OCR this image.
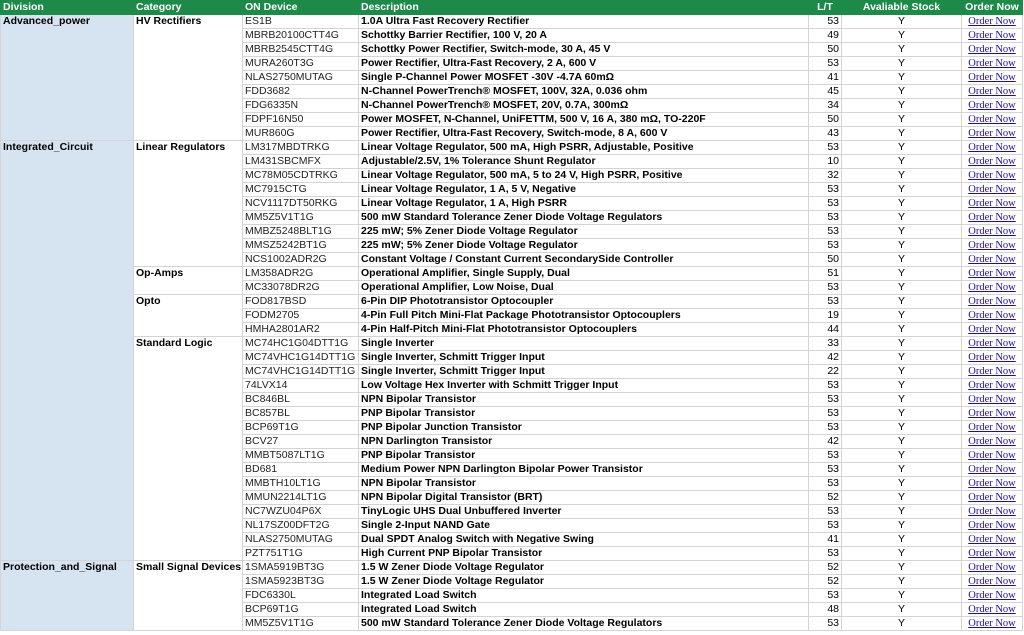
Division	Category	ON Device	Description	L/T	Avaliable Stock	Order Now
Advanced_power	HV Rectifiers	ES1B	1.0A Ultra Fast Recovery Rectifier	53	Y	Order Now
		MBRB20100CTT4G	Schottky Barrier Rectifier, 100 V, 20 A	49	Y	Order Now
		MBRB2545CTT4G	Schottky Power Rectifier, Switch-mode, 30 A, 45 V	50	Y	Order Now
		MURA260T3G	Power Rectifier, Ultra-Fast Recovery, 2 A, 600 V	53	Y	Order Now
		NLAS2750MUTAG	Single P-Channel Power MOSFET -30V -4.7A 60mΩ	41	Y	Order Now
		FDD3682	N-Channel PowerTrench® MOSFET, 100V, 32A, 0.036 ohm	45	Y	Order Now
		FDG6335N	N-Channel PowerTrench® MOSFET, 20V, 0.7A, 300mΩ	34	Y	Order Now
		FDPF16N50	Power MOSFET, N-Channel, UniFETTM, 500 V, 16 A, 380 mΩ, TO-220F	50	Y	Order Now
		MUR860G	Power Rectifier, Ultra-Fast Recovery, Switch-mode, 8 A, 600 V	43	Y	Order Now
Integrated_Circuit	Linear Regulators	LM317MBDTRKG	Linear Voltage Regulator, 500 mA, High PSRR, Adjustable, Positive	53	Y	Order Now
		LM431SBCMFX	Adjustable/2.5V, 1% Tolerance Shunt Regulator	10	Y	Order Now
		MC78M05CDTRKG	Linear Voltage Regulator, 500 mA, 5 to 24 V, High PSRR, Positive	32	Y	Order Now
		MC7915CTG	Linear Voltage Regulator, 1 A, 5 V, Negative	53	Y	Order Now
		NCV1117DT50RKG	Linear Voltage Regulator, 1 A, High PSRR	53	Y	Order Now
		MM5Z5V1T1G	500 mW Standard Tolerance Zener Diode Voltage Regulators	53	Y	Order Now
		MMBZ5248BLT1G	225 mW; 5% Zener Diode Voltage Regulator	53	Y	Order Now
		MMSZ5242BT1G	225 mW; 5% Zener Diode Voltage Regulator	53	Y	Order Now
		NCS1002ADR2G	Constant Voltage / Constant Current SecondarySide Controller	50	Y	Order Now
	Op-Amps	LM358ADR2G	Operational Amplifier, Single Supply, Dual	51	Y	Order Now
		MC33078DR2G	Operational Amplifier, Low Noise, Dual	53	Y	Order Now
	Opto	FOD817BSD	6-Pin DIP Phototransistor Optocoupler	53	Y	Order Now
		FODM2705	4-Pin Full Pitch Mini-Flat Package Phototransistor Optocouplers	19	Y	Order Now
		HMHA2801AR2	4-Pin Half-Pitch Mini-Flat Phototransistor Optocouplers	44	Y	Order Now
	Standard Logic	MC74HC1G04DTT1G	Single Inverter	33	Y	Order Now
		MC74VHC1G14DTT1G	Single Inverter, Schmitt Trigger Input	42	Y	Order Now
		MC74VHC1G14DTT1G	Single Inverter, Schmitt Trigger Input	22	Y	Order Now
		74LVX14	Low Voltage Hex Inverter with Schmitt Trigger Input	53	Y	Order Now
		BC846BL	NPN Bipolar Transistor	53	Y	Order Now
		BC857BL	PNP Bipolar Transistor	53	Y	Order Now
		BCP69T1G	PNP Bipolar Junction Transistor	53	Y	Order Now
		BCV27	NPN Darlington Transistor	42	Y	Order Now
		MMBT5087LT1G	PNP Bipolar Transistor	53	Y	Order Now
		BD681	Medium Power NPN Darlington Bipolar Power Transistor	53	Y	Order Now
		MMBTH10LT1G	NPN Bipolar Transistor	53	Y	Order Now
		MMUN2214LT1G	NPN Bipolar Digital Transistor (BRT)	52	Y	Order Now
		NC7WZU04P6X	TinyLogic UHS Dual Unbuffered Inverter	53	Y	Order Now
		NL17SZ00DFT2G	Single 2-Input NAND Gate	53	Y	Order Now
		NLAS2750MUTAG	Dual SPDT Analog Switch with Negative Swing	41	Y	Order Now
		PZT751T1G	High Current PNP Bipolar Transistor	53	Y	Order Now
Protection_and_Signal	Small Signal Devices	1SMA5919BT3G	1.5 W Zener Diode Voltage Regulator	52	Y	Order Now
		1SMA5923BT3G	1.5 W Zener Diode Voltage Regulator	52	Y	Order Now
		FDC6330L	Integrated Load Switch	53	Y	Order Now
		BCP69T1G	Integrated Load Switch	48	Y	Order Now
		MM5Z5V1T1G	500 mW Standard Tolerance Zener Diode Voltage Regulators	53	Y	Order Now
